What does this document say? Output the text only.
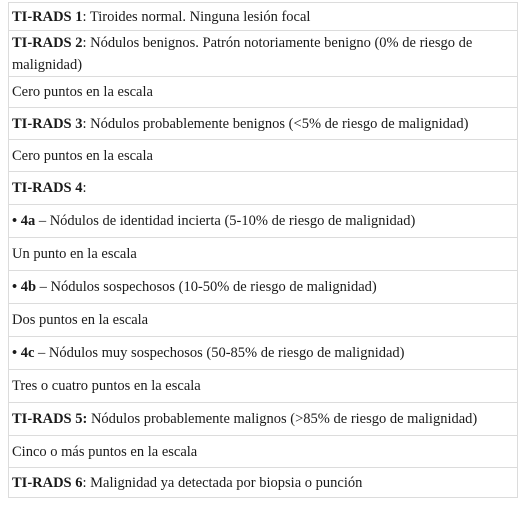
TI-RADS 1: Tiroides normal. Ninguna lesión focal
TI-RADS 2: Nódulos benignos. Patrón notoriamente benigno (0% de riesgo de malignidad)
Cero puntos en la escala
TI-RADS 3: Nódulos probablemente benignos (<5% de riesgo de malignidad)
Cero puntos en la escala
TI-RADS 4:
• 4a – Nódulos de identidad incierta (5-10% de riesgo de malignidad)
Un punto en la escala
• 4b – Nódulos sospechosos (10-50% de riesgo de malignidad)
Dos puntos en la escala
• 4c – Nódulos muy sospechosos (50-85% de riesgo de malignidad)
Tres o cuatro puntos en la escala
TI-RADS 5: Nódulos probablemente malignos (>85% de riesgo de malignidad)
Cinco o más puntos en la escala
TI-RADS 6: Malignidad ya detectada por biopsia o punción
